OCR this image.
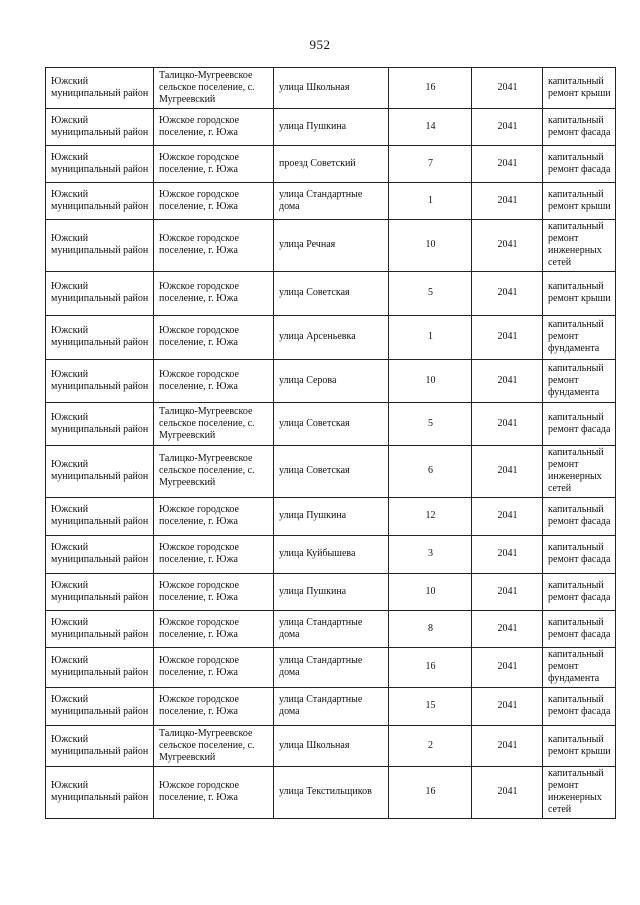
952
Южский муниципальный район	Талицко-Мугреевское сельское поселение, с. Мугреевский	улица Школьная	16	2041	капитальный ремонт крыши
Южский муниципальный район	Южское городское поселение, г. Южа	улица Пушкина	14	2041	капитальный ремонт фасада
Южский муниципальный район	Южское городское поселение, г. Южа	проезд Советский	7	2041	капитальный ремонт фасада
Южский муниципальный район	Южское городское поселение, г. Южа	улица Стандартные дома	1	2041	капитальный ремонт крыши
Южский муниципальный район	Южское городское поселение, г. Южа	улица Речная	10	2041	капитальный ремонт инженерных сетей
Южский муниципальный район	Южское городское поселение, г. Южа	улица Советская	5	2041	капитальный ремонт крыши
Южский муниципальный район	Южское городское поселение, г. Южа	улица Арсеньевка	1	2041	капитальный ремонт фундамента
Южский муниципальный район	Южское городское поселение, г. Южа	улица Серова	10	2041	капитальный ремонт фундамента
Южский муниципальный район	Талицко-Мугреевское сельское поселение, с. Мугреевский	улица Советская	5	2041	капитальный ремонт фасада
Южский муниципальный район	Талицко-Мугреевское сельское поселение, с. Мугреевский	улица Советская	6	2041	капитальный ремонт инженерных сетей
Южский муниципальный район	Южское городское поселение, г. Южа	улица Пушкина	12	2041	капитальный ремонт фасада
Южский муниципальный район	Южское городское поселение, г. Южа	улица Куйбышева	3	2041	капитальный ремонт фасада
Южский муниципальный район	Южское городское поселение, г. Южа	улица Пушкина	10	2041	капитальный ремонт фасада
Южский муниципальный район	Южское городское поселение, г. Южа	улица Стандартные дома	8	2041	капитальный ремонт фасада
Южский муниципальный район	Южское городское поселение, г. Южа	улица Стандартные дома	16	2041	капитальный ремонт фундамента
Южский муниципальный район	Южское городское поселение, г. Южа	улица Стандартные дома	15	2041	капитальный ремонт фасада
Южский муниципальный район	Талицко-Мугреевское сельское поселение, с. Мугреевский	улица Школьная	2	2041	капитальный ремонт крыши
Южский муниципальный район	Южское городское поселение, г. Южа	улица Текстильщиков	16	2041	капитальный ремонт инженерных сетей
